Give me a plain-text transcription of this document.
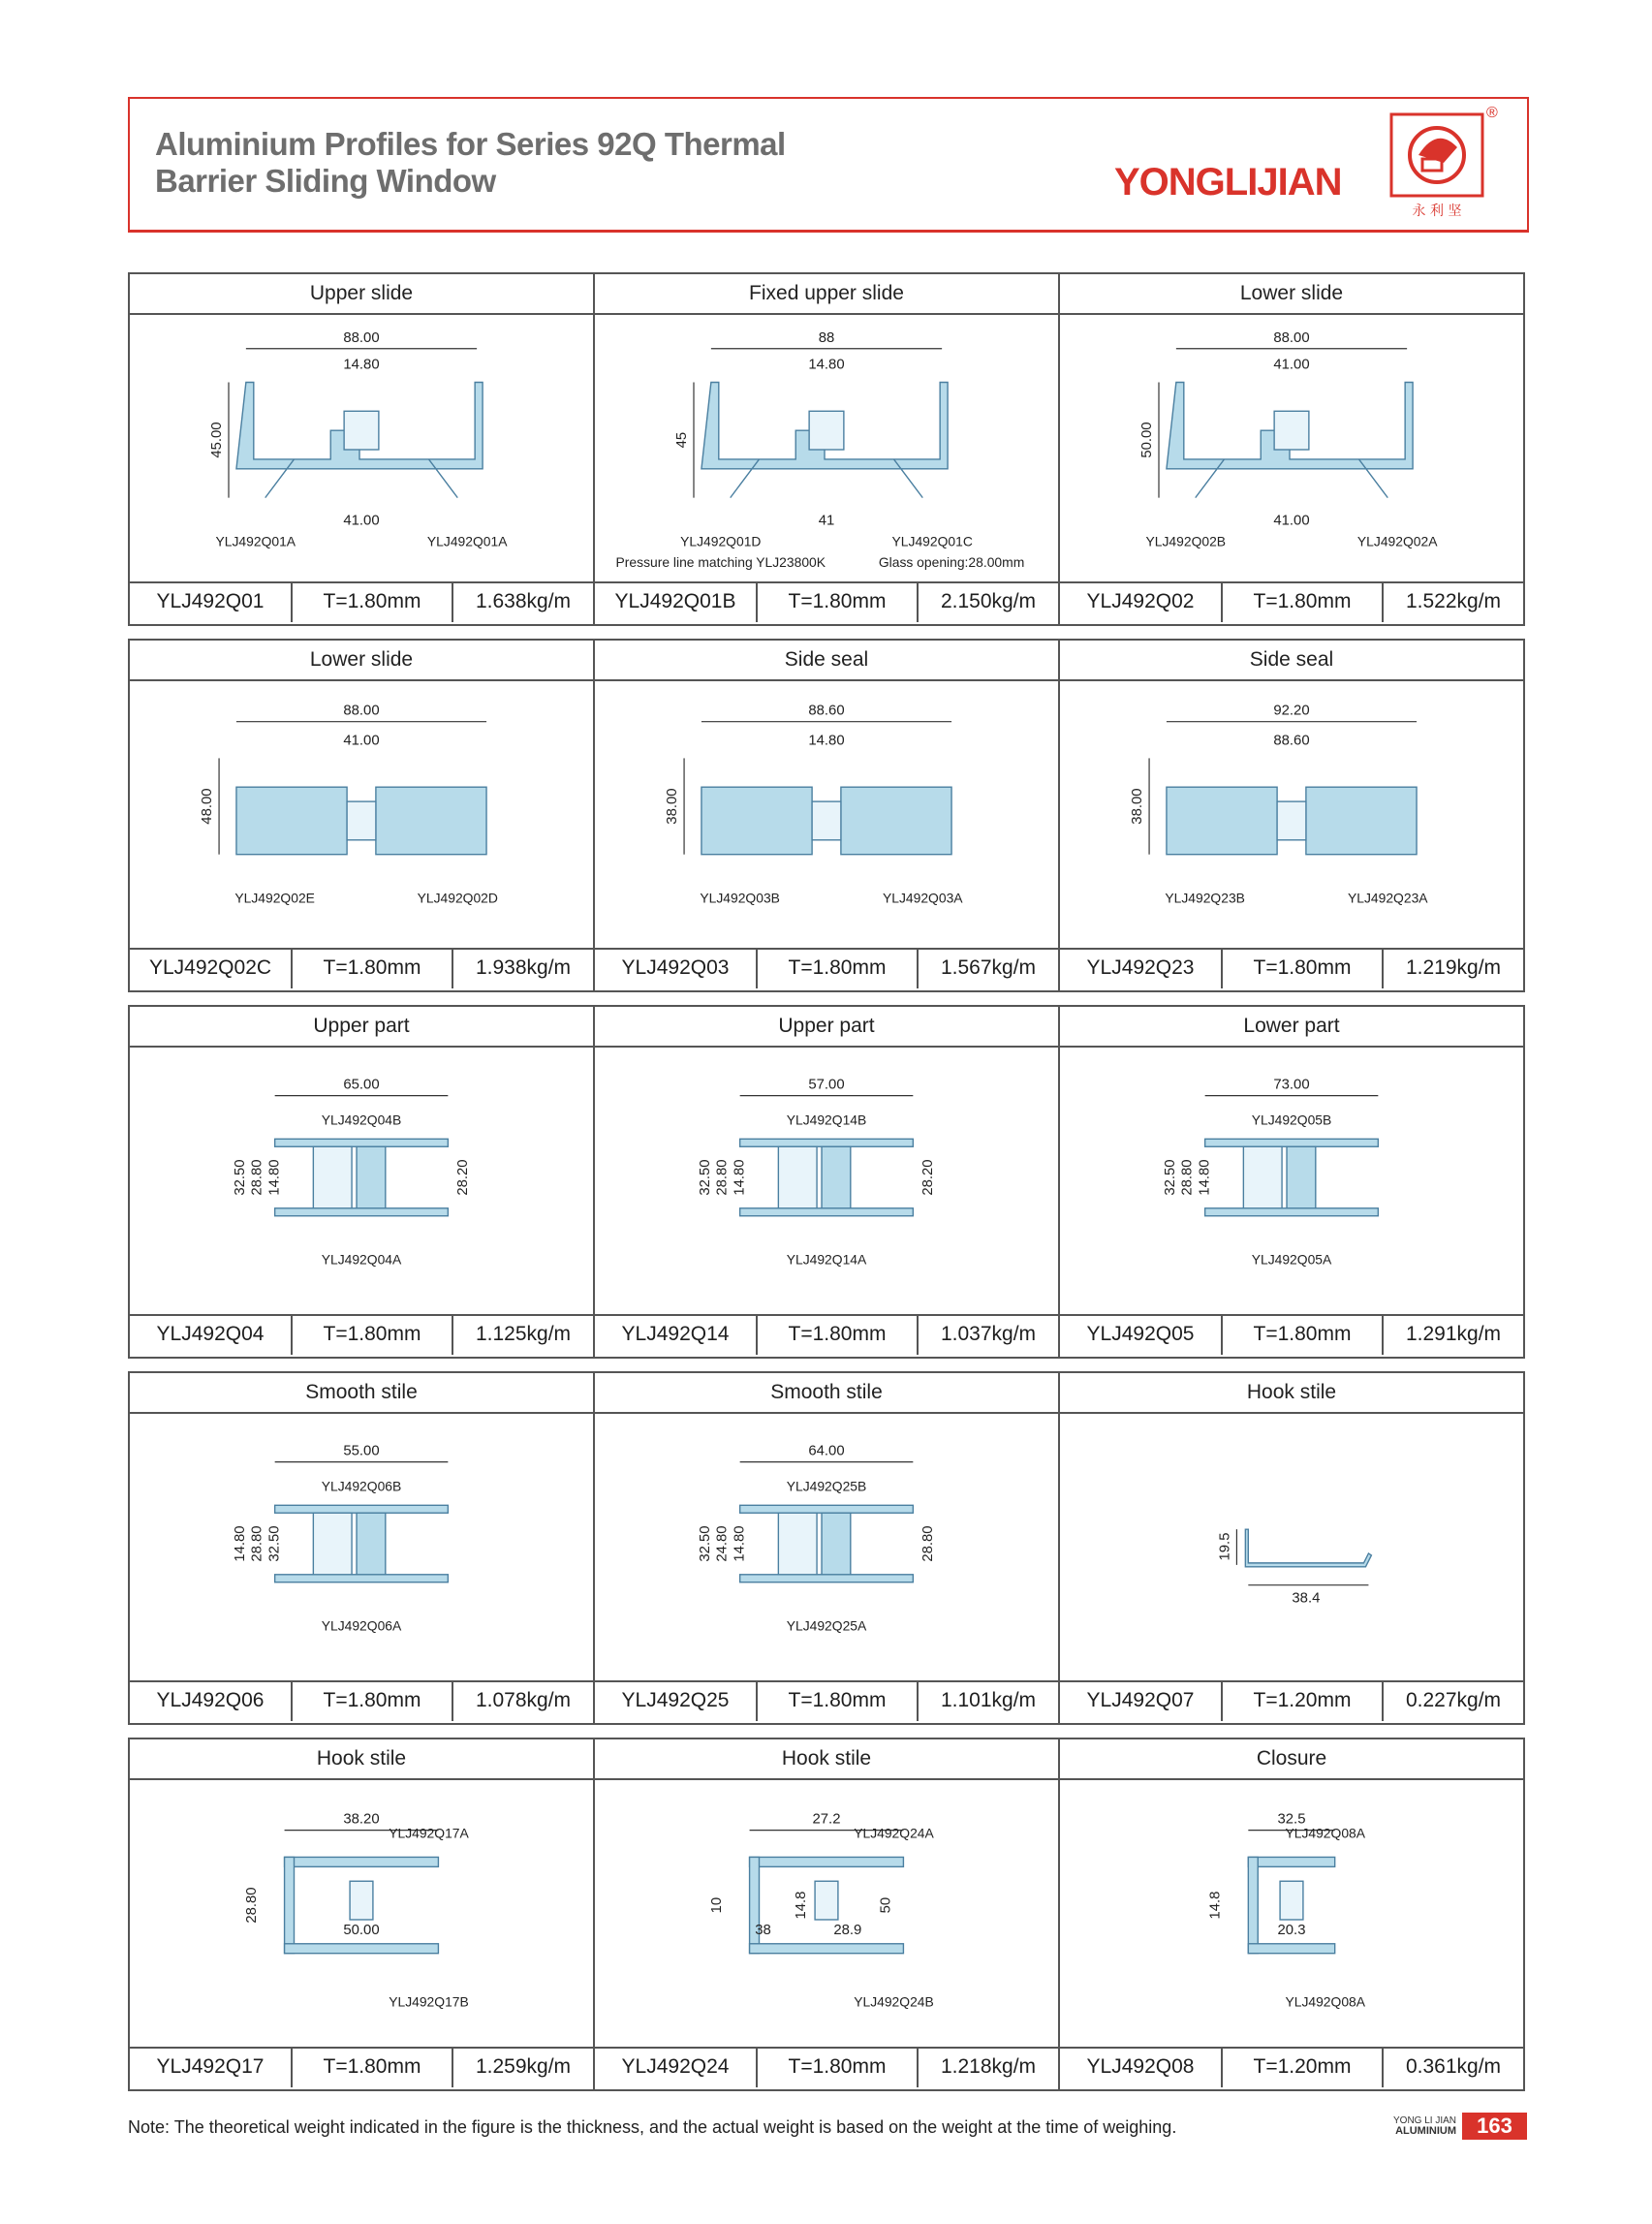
Aluminium Profiles for Series 92Q Thermal
Barrier Sliding Window	YONGLIJIAN
永 利 坚
®
Upper slide
88.00
45.00
14.80
41.00
YLJ492Q01A	YLJ492Q01A
YLJ492Q01	T=1.80mm	1.638kg/m
Fixed upper slide
88
45
14.80
41
YLJ492Q01D	YLJ492Q01C
Pressure line matching YLJ23800K	Glass opening:28.00mm
YLJ492Q01B	T=1.80mm	2.150kg/m
Lower slide
88.00
50.00
41.00
41.00
YLJ492Q02B	YLJ492Q02A
YLJ492Q02	T=1.80mm	1.522kg/m
Lower slide
88.00
48.00
41.00
YLJ492Q02E	YLJ492Q02D
YLJ492Q02C	T=1.80mm	1.938kg/m
Side seal
88.60
38.00
14.80
YLJ492Q03B	YLJ492Q03A
YLJ492Q03	T=1.80mm	1.567kg/m
Side seal
92.20
38.00
88.60
YLJ492Q23B	YLJ492Q23A
YLJ492Q23	T=1.80mm	1.219kg/m
Upper part
65.00
32.50 28.80 14.80	28.20
YLJ492Q04B
YLJ492Q04A
YLJ492Q04	T=1.80mm	1.125kg/m
Upper part
57.00
32.50 28.80 14.80	28.20
YLJ492Q14B
YLJ492Q14A
YLJ492Q14	T=1.80mm	1.037kg/m
Lower part
73.00
32.50 28.80 14.80
YLJ492Q05B
YLJ492Q05A
YLJ492Q05	T=1.80mm	1.291kg/m
Smooth stile
55.00
14.80 28.80 32.50
YLJ492Q06B
YLJ492Q06A
YLJ492Q06	T=1.80mm	1.078kg/m
Smooth stile
64.00
32.50 24.80 14.80	28.80
YLJ492Q25B
YLJ492Q25A
YLJ492Q25	T=1.80mm	1.101kg/m
Hook stile
19.5
38.4
YLJ492Q07	T=1.20mm	0.227kg/m
Hook stile
38.20
28.80
50.00
YLJ492Q17A
YLJ492Q17B
YLJ492Q17	T=1.80mm	1.259kg/m
Hook stile
27.2
10
38
14.8
28.9
50
YLJ492Q24A
YLJ492Q24B
YLJ492Q24	T=1.80mm	1.218kg/m
Closure
32.5
14.8
20.3
YLJ492Q08A
YLJ492Q08A
YLJ492Q08	T=1.20mm	0.361kg/m
Note: The theoretical weight indicated in the figure is the thickness, and the actual weight is based on the weight at the time of weighing.	YONG LI JIAN
ALUMINIUM 163
